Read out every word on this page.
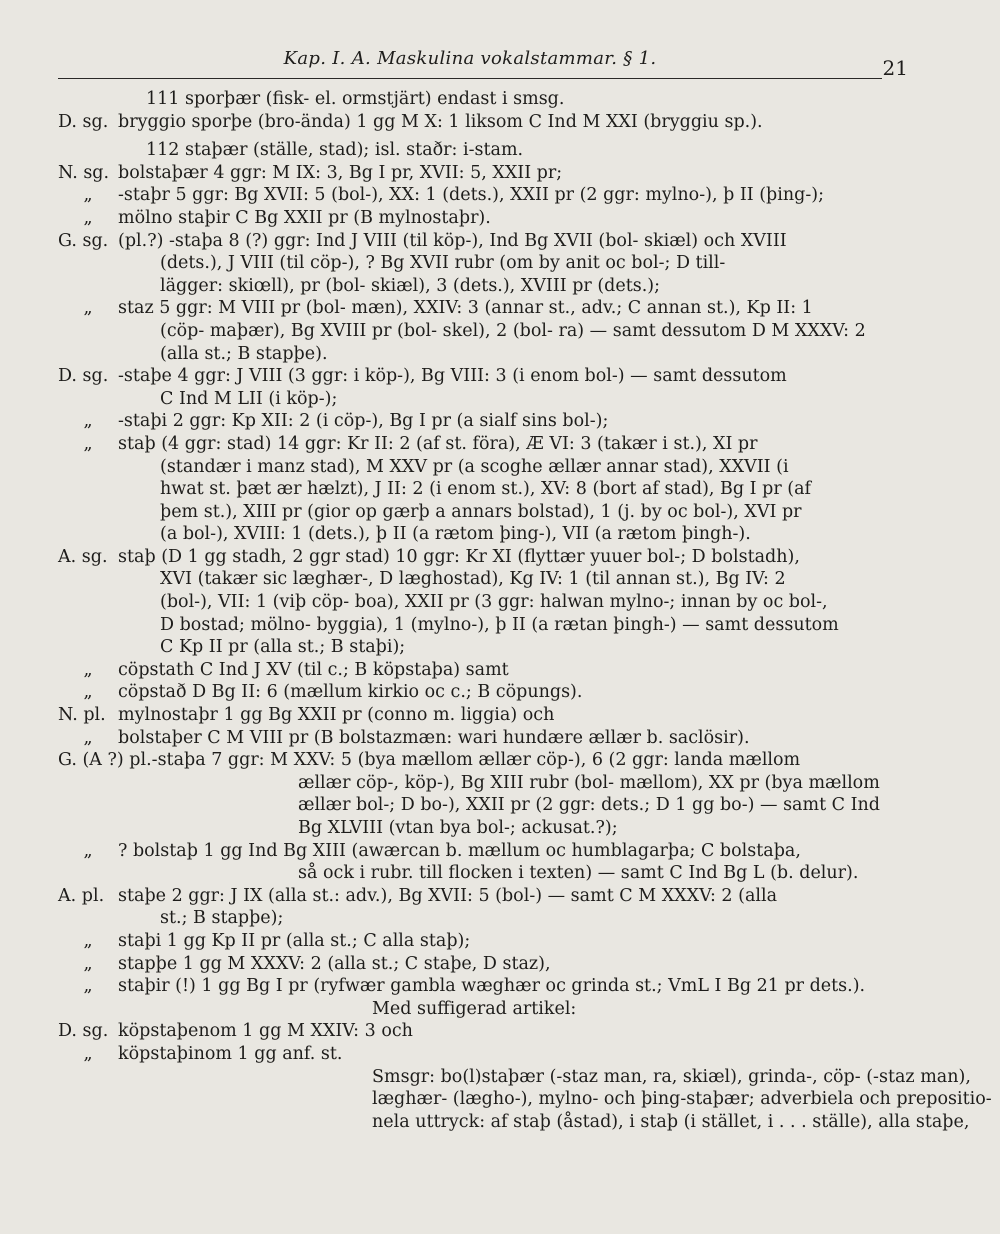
Kap. I. A. Maskulina vokalstammar. § 1.	21
111 sporþær (fisk- el. ormstjärt) endast i smsg.
D. sg. bryggio sporþe (bro-ända) 1 gg M X: 1 liksom C Ind M XXI (bryggiu sp.).
112 staþær (ställe, stad); isl. staðr: i-stam.
N. sg. bolstaþær 4 ggr: M IX: 3, Bg I pr, XVII: 5, XXII pr;
„	-staþr 5 ggr: Bg XVII: 5 (bol-), XX: 1 (dets.), XXII pr (2 ggr: mylno-), þ II (þing-);
„	mölno staþir C Bg XXII pr (B mylnostaþr).
G. sg. (pl.?) -staþa 8 (?) ggr: Ind J VIII (til köp-), Ind Bg XVII (bol- skiæl) och XVIII
(dets.), J VIII (til cöp-), ? Bg XVII rubr (om by anit oc bol-; D till-
lägger: skiœll), pr (bol- skiæl), 3 (dets.), XVIII pr (dets.);
„	staz 5 ggr: M VIII pr (bol- mæn), XXIV: 3 (annar st., adv.; C annan st.), Kp II: 1
(cöp- maþær), Bg XVIII pr (bol- skel), 2 (bol- ra) — samt dessutom D M XXXV: 2
(alla st.; B stapþe).
D. sg. -staþe 4 ggr: J VIII (3 ggr: i köp-), Bg VIII: 3 (i enom bol-) — samt dessutom
C Ind M LII (i köp-);
„	-staþi 2 ggr: Kp XII: 2 (i cöp-), Bg I pr (a sialf sins bol-);
„	staþ (4 ggr: stad) 14 ggr: Kr II: 2 (af st. föra), Æ VI: 3 (takær i st.), XI pr
(standær i manz stad), M XXV pr (a scoghe ællær annar stad), XXVII (i
hwat st. þæt ær hælzt), J II: 2 (i enom st.), XV: 8 (bort af stad), Bg I pr (af
þem st.), XIII pr (gior op gærþ a annars bolstad), 1 (j. by oc bol-), XVI pr
(a bol-), XVIII: 1 (dets.), þ II (a rætom þing-), VII (a rætom þingh-).
A. sg. staþ (D 1 gg stadh, 2 ggr stad) 10 ggr: Kr XI (flyttær yuuer bol-; D bolstadh),
XVI (takær sic læghær-, D læghostad), Kg IV: 1 (til annan st.), Bg IV: 2
(bol-), VII: 1 (viþ cöp- boa), XXII pr (3 ggr: halwan mylno-; innan by oc bol-,
D bostad; mölno- byggia), 1 (mylno-), þ II (a rætan þingh-) — samt dessutom
C Kp II pr (alla st.; B staþi);
„	cöpstath C Ind J XV (til c.; B köpstaþa) samt
„	cöpstað D Bg II: 6 (mællum kirkio oc c.; B cöpungs).
N. pl. mylnostaþr 1 gg Bg XXII pr (conno m. liggia) och
„	bolstaþer C M VIII pr (B bolstazmæn: wari hundære ællær b. saclösir).
G. (A ?) pl. -staþa 7 ggr: M XXV: 5 (bya mællom ællær cöp-), 6 (2 ggr: landa mællom
ællær cöp-, köp-), Bg XIII rubr (bol- mællom), XX pr (bya mællom
ællær bol-; D bo-), XXII pr (2 ggr: dets.; D 1 gg bo-) — samt C Ind
Bg XLVIII (vtan bya bol-; ackusat.?);
„	? bolstaþ 1 gg Ind Bg XIII (awærcan b. mællum oc humblagarþa; C bolstaþa,
så ock i rubr. till flocken i texten) — samt C Ind Bg L (b. delur).
A. pl. staþe 2 ggr: J IX (alla st.: adv.), Bg XVII: 5 (bol-) — samt C M XXXV: 2 (alla
st.; B stapþe);
„	staþi 1 gg Kp II pr (alla st.; C alla staþ);
„	stapþe 1 gg M XXXV: 2 (alla st.; C staþe, D staz),
„	staþir (!) 1 gg Bg I pr (ryfwær gambla wæghær oc grinda st.; VmL I Bg 21 pr dets.).
Med suffigerad artikel:
D. sg. köpstaþenom 1 gg M XXIV: 3 och
„	köpstaþinom 1 gg anf. st.
Smsgr: bo(l)staþær (-staz man, ra, skiæl), grinda-, cöp- (-staz man),
læghær- (lægho-), mylno- och þing-staþær; adverbiela och prepositio-
nela uttryck: af staþ (åstad), i staþ (i stället, i . . . ställe), alla staþe,
